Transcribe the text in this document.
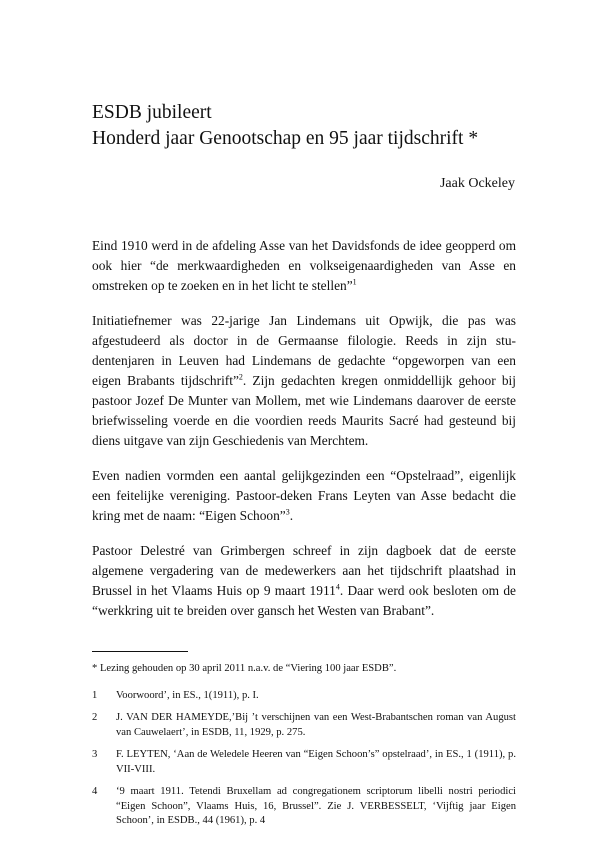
ESDB jubileert
Honderd jaar Genootschap en 95 jaar tijdschrift *

Jaak Ockeley

Eind 1910 werd in de afdeling Asse van het Davidsfonds de idee geopperd om ook hier “de merkwaardigheden en volkseigenaardigheden van Asse en omstreken op te zoeken en in het licht te stellen”$^1$

Initiatiefnemer was 22-jarige Jan Lindemans uit Opwijk, die pas was afgestudeerd als doctor in de Germaanse filologie. Reeds in zijn studentenjaren in Leuven had Lindemans de gedachte “opgeworpen van een eigen Brabants tijdschrift”$^2$. Zijn gedachten kregen onmiddellijk gehoor bij pastoor Jozef De Munter van Mollem, met wie Lindemans daarover de eerste briefwisseling voerde en die voordien reeds Maurits Sacré had gesteund bij diens uitgave van zijn Geschiedenis van Merchtem.

Even nadien vormden een aantal gelijkgezinden een “Opstelraad”, eigenlijk een feitelijke vereniging. Pastoor-deken Frans Leyten van Asse bedacht die kring met de naam: “Eigen Schoon”$^3$.

Pastoor Delestré van Grimbergen schreef in zijn dagboek dat de eerste algemene vergadering van de medewerkers aan het tijdschrift plaatshad in Brussel in het Vlaams Huis op 9 maart 1911$^4$. Daar werd ook besloten om de “werkkring uit te breiden over gansch het Westen van Brabant”.

* Lezing gehouden op 30 april 2011 n.a.v. de “Viering 100 jaar ESDB”.
1	Voorwoord’, in ES., 1(1911), p. I.
2	J. VAN DER HAMEYDE,’Bij ’t verschijnen van een West-Brabantschen roman van August van Cauwelaert’, in ESDB, 11, 1929, p. 275.
3	F. LEYTEN, ‘Aan de Weledele Heeren van “Eigen Schoon’s” opstelraad’, in ES., 1 (1911), p. VII-VIII.
4	‘9 maart 1911. Tetendi Bruxellam ad congregationem scriptorum libelli nostri periodici “Eigen Schoon”, Vlaams Huis, 16, Brussel”. Zie J. VERBESSELT, ‘Vijftig jaar Eigen Schoon’, in ESDB., 44 (1961), p. 4
